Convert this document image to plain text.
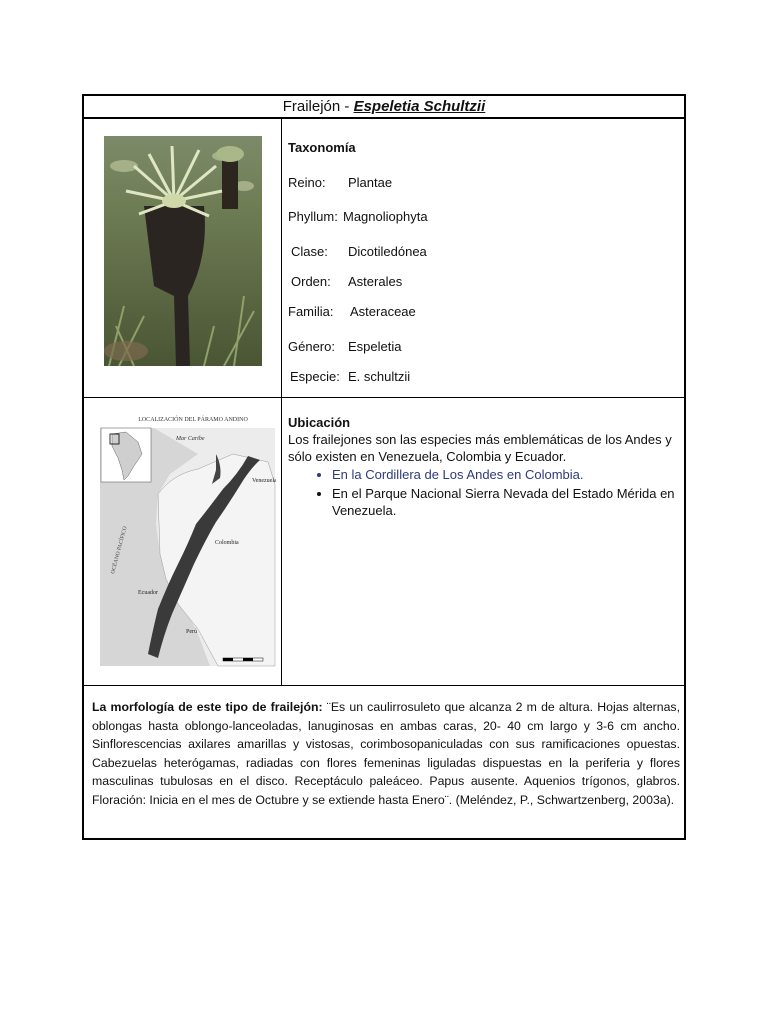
Frailejón - Espeletia Schultzii
Taxonomía
Reino: Plantae
Phyllum: Magnoliophyta
Clase: Dicotiledónea
Orden: Asterales
Familia: Asteraceae
Género: Espeletia
Especie: E. schultzii
LOCALIZACIÓN DEL PÁRAMO ANDINO
Mar Caribe
Venezuela
Colombia
Ecuador
Perú
OCÉANO PACÍFICO
Ubicación
Los frailejones son las especies más emblemáticas de los Andes y sólo existen en Venezuela, Colombia y Ecuador.
• En la Cordillera de Los Andes en Colombia.
• En el Parque Nacional Sierra Nevada del Estado Mérida en Venezuela.
La morfología de este tipo de frailejón: ¨Es un caulirrosuleto que alcanza 2 m de altura. Hojas alternas, oblongas hasta oblongo-lanceoladas, lanuginosas en ambas caras, 20- 40 cm largo y 3-6 cm ancho. Sinflorescencias axilares amarillas y vistosas, corimbosopaniculadas con sus ramificaciones opuestas. Cabezuelas heterógamas, radiadas con flores femeninas liguladas dispuestas en la periferia y flores masculinas tubulosas en el disco. Receptáculo paleáceo. Papus ausente. Aquenios trígonos, glabros. Floración: Inicia en el mes de Octubre y se extiende hasta Enero¨. (Meléndez, P., Schwartzenberg, 2003a).
